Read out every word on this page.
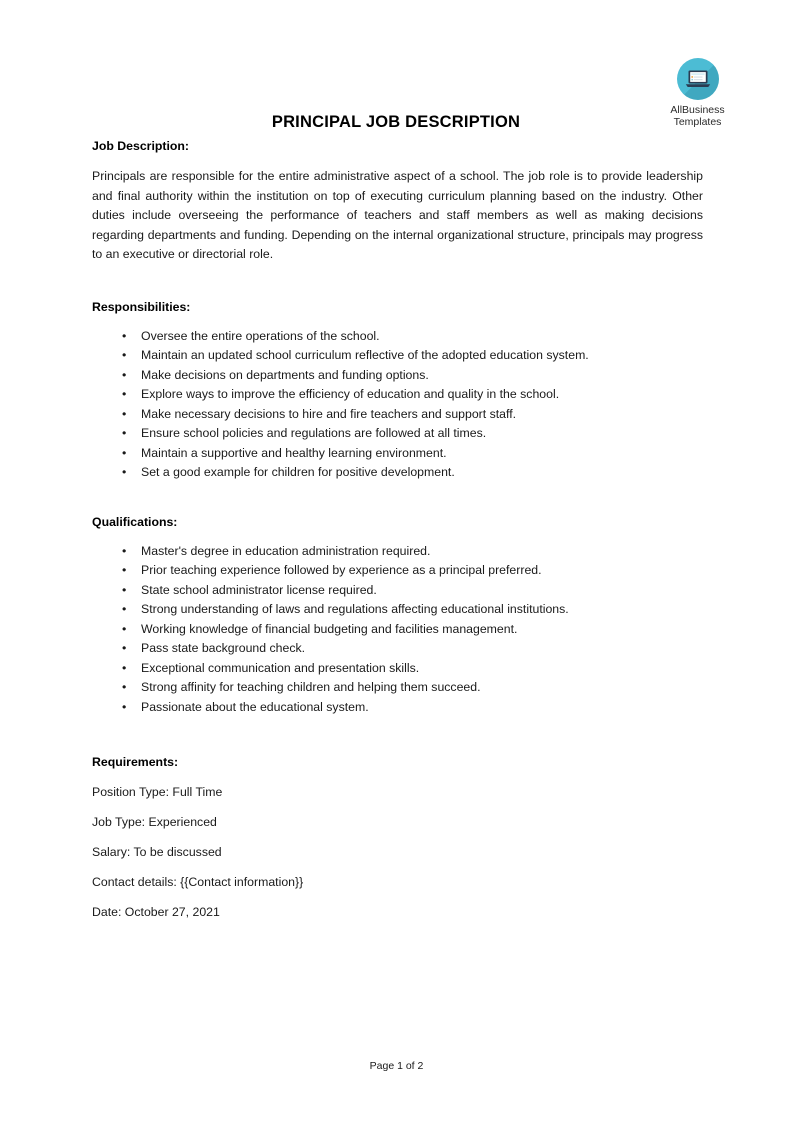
AllBusiness
Templates
PRINCIPAL JOB DESCRIPTION
Job Description:

Principals are responsible for the entire administrative aspect of a school. The job role is to provide leadership and final authority within the institution on top of executing curriculum planning based on the industry. Other duties include overseeing the performance of teachers and staff members as well as making decisions regarding departments and funding. Depending on the internal organizational structure, principals may progress to an executive or directorial role.

Responsibilities:
• Oversee the entire operations of the school.
• Maintain an updated school curriculum reflective of the adopted education system.
• Make decisions on departments and funding options.
• Explore ways to improve the efficiency of education and quality in the school.
• Make necessary decisions to hire and fire teachers and support staff.
• Ensure school policies and regulations are followed at all times.
• Maintain a supportive and healthy learning environment.
• Set a good example for children for positive development.
Qualifications:
• Master's degree in education administration required.
• Prior teaching experience followed by experience as a principal preferred.
• State school administrator license required.
• Strong understanding of laws and regulations affecting educational institutions.
• Working knowledge of financial budgeting and facilities management.
• Pass state background check.
• Exceptional communication and presentation skills.
• Strong affinity for teaching children and helping them succeed.
• Passionate about the educational system.
Requirements:

Position Type: Full Time

Job Type: Experienced

Salary: To be discussed

Contact details: {{Contact information}}

Date: October 27, 2021

Page 1 of 2
